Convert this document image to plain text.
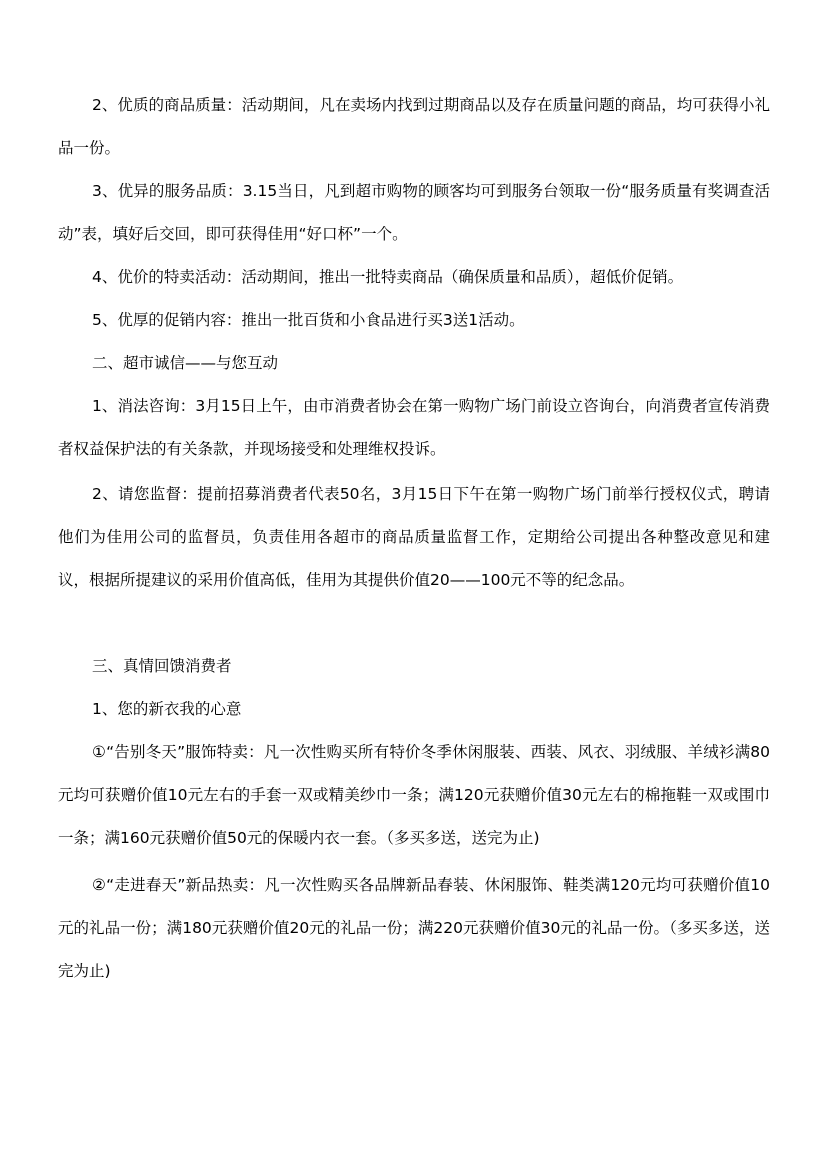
2、优质的商品质量：活动期间，凡在卖场内找到过期商品以及存在质量问题的商品，均可获得小礼品一份。

3、优异的服务品质：3.15当日，凡到超市购物的顾客均可到服务台领取一份“服务质量有奖调查活动”表，填好后交回，即可获得佳用“好口杯”一个。

4、优价的特卖活动：活动期间，推出一批特卖商品（确保质量和品质），超低价促销。

5、优厚的促销内容：推出一批百货和小食品进行买3送1活动。

二、超市诚信——与您互动

1、消法咨询：3月15日上午，由市消费者协会在第一购物广场门前设立咨询台，向消费者宣传消费者权益保护法的有关条款，并现场接受和处理维权投诉。

2、请您监督：提前招募消费者代表50名，3月15日下午在第一购物广场门前举行授权仪式，聘请他们为佳用公司的监督员，负责佳用各超市的商品质量监督工作，定期给公司提出各种整改意见和建议，根据所提建议的采用价值高低，佳用为其提供价值20——100元不等的纪念品。

三、真情回馈消费者

1、您的新衣我的心意

①“告别冬天”服饰特卖：凡一次性购买所有特价冬季休闲服装、西装、风衣、羽绒服、羊绒衫满80元均可获赠价值10元左右的手套一双或精美纱巾一条；满120元获赠价值30元左右的棉拖鞋一双或围巾一条；满160元获赠价值50元的保暖内衣一套。（多买多送，送完为止)

②“走进春天”新品热卖：凡一次性购买各品牌新品春装、休闲服饰、鞋类满120元均可获赠价值10元的礼品一份；满180元获赠价值20元的礼品一份；满220元获赠价值30元的礼品一份。（多买多送，送完为止)
